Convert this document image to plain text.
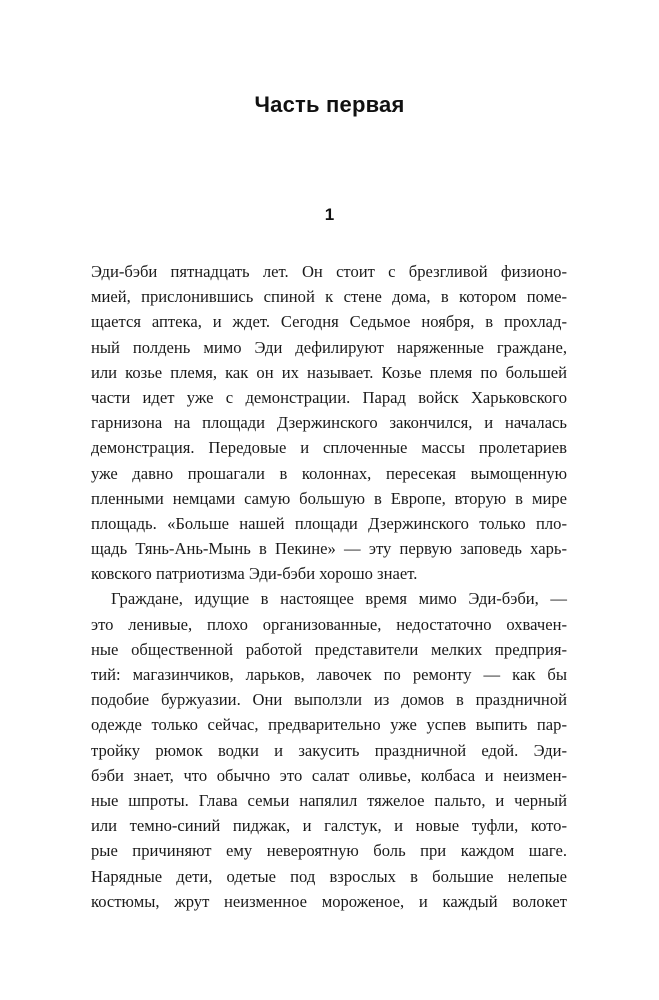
Часть первая
1
Эди-бэби пятнадцать лет. Он стоит с брезгливой физионо-
мией, прислонившись спиной к стене дома, в котором поме-
щается аптека, и ждет. Сегодня Седьмое ноября, в прохлад-
ный полдень мимо Эди дефилируют наряженные граждане,
или козье племя, как он их называет. Козье племя по большей
части идет уже с демонстрации. Парад войск Харьковского
гарнизона на площади Дзержинского закончился, и началась
демонстрация. Передовые и сплоченные массы пролетариев
уже давно прошагали в колоннах, пересекая вымощенную
пленными немцами самую большую в Европе, вторую в мире
площадь. «Больше нашей площади Дзержинского только пло-
щадь Тянь-Ань-Мынь в Пекине» — эту первую заповедь харь-
ковского патриотизма Эди-бэби хорошо знает.
Граждане, идущие в настоящее время мимо Эди-бэби, —
это ленивые, плохо организованные, недостаточно охвачен-
ные общественной работой представители мелких предприя-
тий: магазинчиков, ларьков, лавочек по ремонту — как бы
подобие буржуазии. Они выползли из домов в праздничной
одежде только сейчас, предварительно уже успев выпить пар-
тройку рюмок водки и закусить праздничной едой. Эди-
бэби знает, что обычно это салат оливье, колбаса и неизмен-
ные шпроты. Глава семьи напялил тяжелое пальто, и черный
или темно-синий пиджак, и галстук, и новые туфли, кото-
рые причиняют ему невероятную боль при каждом шаге.
Нарядные дети, одетые под взрослых в большие нелепые
костюмы, жрут неизменное мороженое, и каждый волокет
